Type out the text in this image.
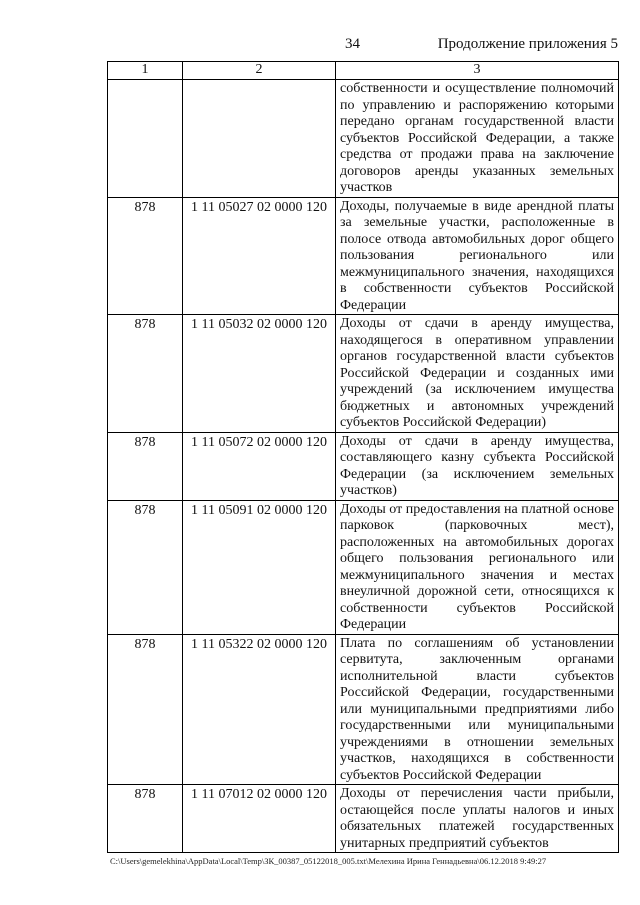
34	Продолжение приложения 5
1	2	3
		собственности и осуществление полномочий по управлению и распоряжению которыми передано органам государственной власти субъектов Российской Федерации, а также средства от продажи права на заключение договоров аренды указанных земельных участков
878	1 11 05027 02 0000 120	Доходы, получаемые в виде арендной платы за земельные участки, расположенные в полосе отвода автомобильных дорог общего пользования регионального или межмуниципального значения, находящихся в собственности субъектов Российской Федерации
878	1 11 05032 02 0000 120	Доходы от сдачи в аренду имущества, находящегося в оперативном управлении органов государственной власти субъектов Российской Федерации и созданных ими учреждений (за исключением имущества бюджетных и автономных учреждений субъектов Российской Федерации)
878	1 11 05072 02 0000 120	Доходы от сдачи в аренду имущества, составляющего казну субъекта Российской Федерации (за исключением земельных участков)
878	1 11 05091 02 0000 120	Доходы от предоставления на платной основе парковок (парковочных мест), расположенных на автомобильных дорогах общего пользования регионального или межмуниципального значения и местах внеуличной дорожной сети, относящихся к собственности субъектов Российской Федерации
878	1 11 05322 02 0000 120	Плата по соглашениям об установлении сервитута, заключенным органами исполнительной власти субъектов Российской Федерации, государственными или муниципальными предприятиями либо государственными или муниципальными учреждениями в отношении земельных участков, находящихся в собственности субъектов Российской Федерации
878	1 11 07012 02 0000 120	Доходы от перечисления части прибыли, остающейся после уплаты налогов и иных обязательных платежей государственных унитарных предприятий субъектов
C:\Users\gemelekhina\AppData\Local\Temp\ЗК_00387_05122018_005.txt\Мелехина Ирина Геннадьевна\06.12.2018 9:49:27
